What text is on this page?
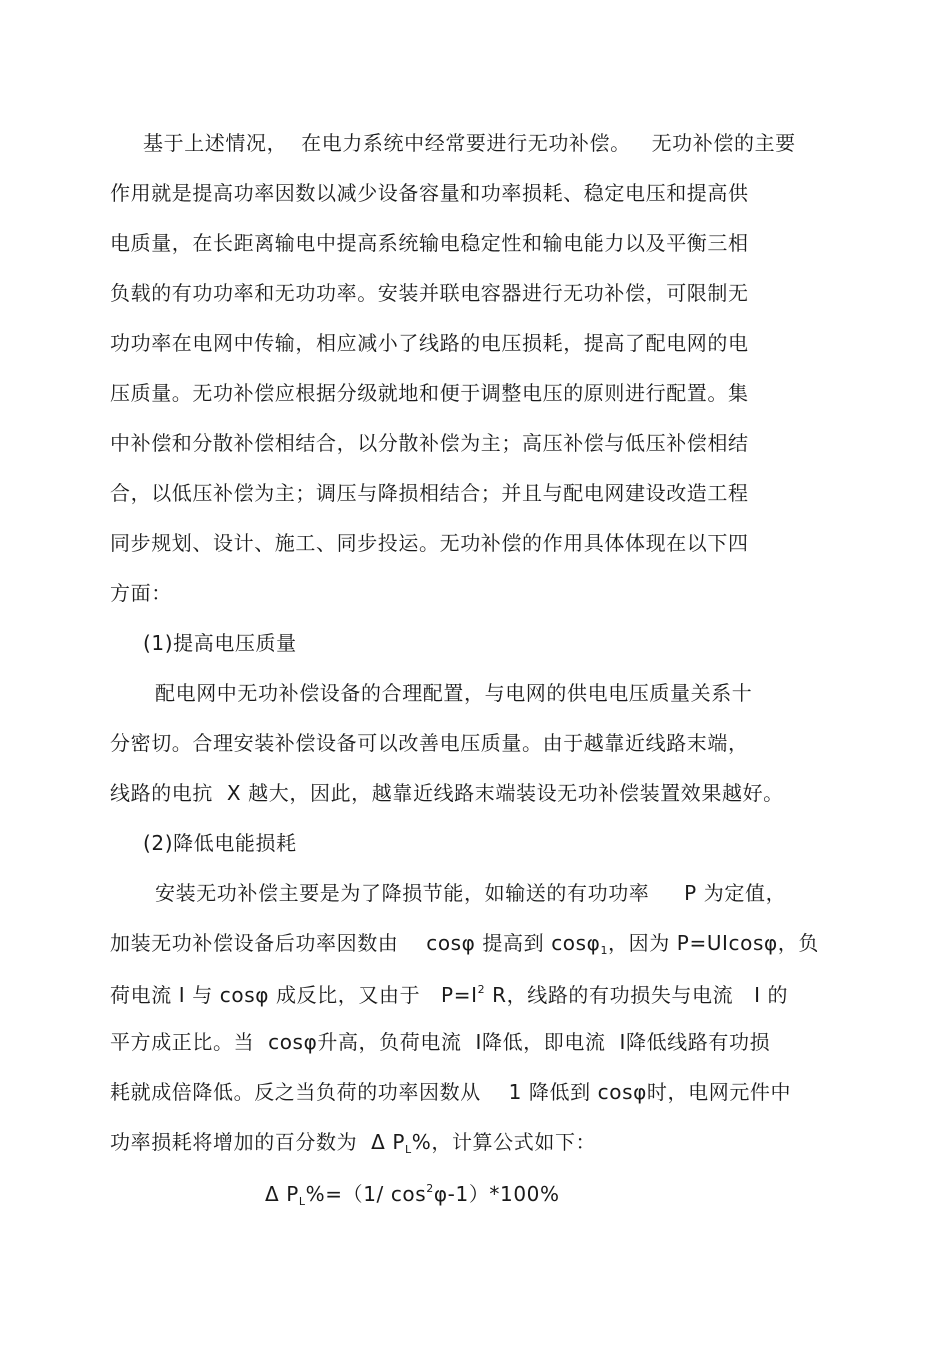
基于上述情况，  在电力系统中经常要进行无功补偿。   无功补偿的主要
作用就是提高功率因数以减少设备容量和功率损耗、稳定电压和提高供
电质量，在长距离输电中提高系统输电稳定性和输电能力以及平衡三相
负载的有功功率和无功功率。安装并联电容器进行无功补偿，可限制无
功功率在电网中传输，相应减小了线路的电压损耗，提高了配电网的电
压质量。无功补偿应根据分级就地和便于调整电压的原则进行配置。集
中补偿和分散补偿相结合，以分散补偿为主；高压补偿与低压补偿相结
合，以低压补偿为主；调压与降损相结合；并且与配电网建设改造工程
同步规划、设计、施工、同步投运。无功补偿的作用具体体现在以下四
方面：
(1)提高电压质量
配电网中无功补偿设备的合理配置，与电网的供电电压质量关系十
分密切。合理安装补偿设备可以改善电压质量。由于越靠近线路末端，
线路的电抗  X 越大，因此，越靠近线路末端装设无功补偿装置效果越好。
(2)降低电能损耗
安装无功补偿主要是为了降损节能，如输送的有功功率     P 为定值，
加装无功补偿设备后功率因数由    cosφ 提高到 cosφ$_1$，因为 P=UIcosφ，负
荷电流 I 与 cosφ 成反比，又由于   $P=I^2$ R，线路的有功损失与电流   I 的
平方成正比。当  cosφ升高，负荷电流  I降低，即电流  I降低线路有功损
耗就成倍降低。反之当负荷的功率因数从    1 降低到 cosφ时，电网元件中
功率损耗将增加的百分数为  Δ $P_L\%$，计算公式如下：
Δ $P_L\%=(1/$ $\cos^2\varphi-1)*100\%$
